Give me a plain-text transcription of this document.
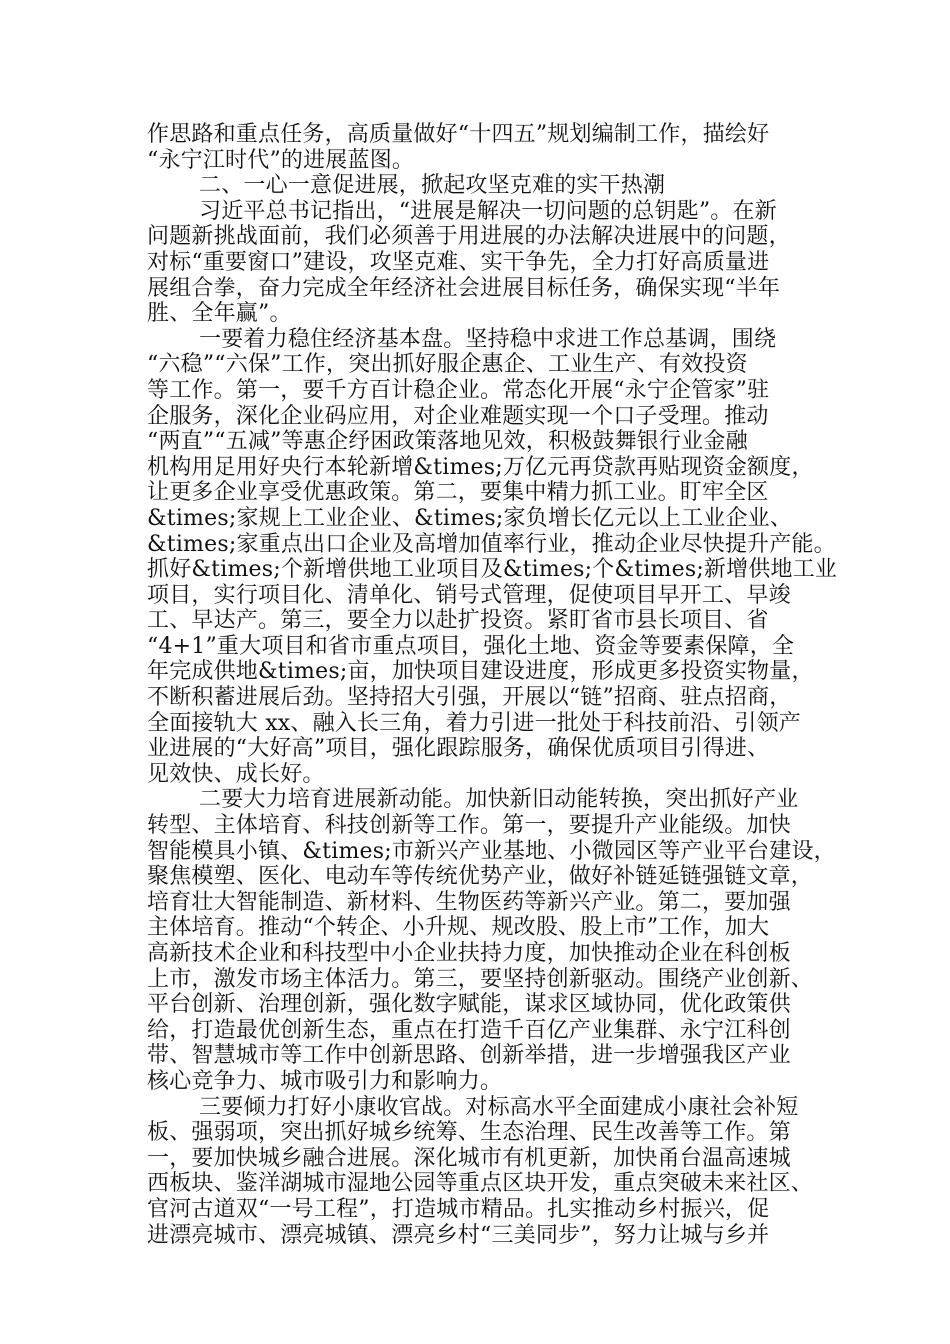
作思路和重点任务，高质量做好“十四五”规划编制工作，描绘好
“永宁江时代”的进展蓝图。
二、一心一意促进展，掀起攻坚克难的实干热潮
习近平总书记指出，“进展是解决一切问题的总钥匙”。在新
问题新挑战面前，我们必须善于用进展的办法解决进展中的问题，
对标“重要窗口”建设，攻坚克难、实干争先，全力打好高质量进
展组合拳，奋力完成全年经济社会进展目标任务，确保实现“半年
胜、全年赢”。
一要着力稳住经济基本盘。坚持稳中求进工作总基调，围绕
“六稳”“六保”工作，突出抓好服企惠企、工业生产、有效投资
等工作。第一，要千方百计稳企业。常态化开展“永宁企管家”驻
企服务，深化企业码应用，对企业难题实现一个口子受理。推动
“两直”“五减”等惠企纾困政策落地见效，积极鼓舞银行业金融
机构用足用好央行本轮新增&times;万亿元再贷款再贴现资金额度，
让更多企业享受优惠政策。第二，要集中精力抓工业。盯牢全区
&times;家规上工业企业、&times;家负增长亿元以上工业企业、
&times;家重点出口企业及高增加值率行业，推动企业尽快提升产能。
抓好&times;个新增供地工业项目及&times;个&times;新增供地工业
项目，实行项目化、清单化、销号式管理，促使项目早开工、早竣
工、早达产。第三，要全力以赴扩投资。紧盯省市县长项目、省
“4+1”重大项目和省市重点项目，强化土地、资金等要素保障，全
年完成供地&times;亩，加快项目建设进度，形成更多投资实物量，
不断积蓄进展后劲。坚持招大引强，开展以“链”招商、驻点招商，
全面接轨大 xx、融入长三角，着力引进一批处于科技前沿、引领产
业进展的“大好高”项目，强化跟踪服务，确保优质项目引得进、
见效快、成长好。
二要大力培育进展新动能。加快新旧动能转换，突出抓好产业
转型、主体培育、科技创新等工作。第一，要提升产业能级。加快
智能模具小镇、&times;市新兴产业基地、小微园区等产业平台建设，
聚焦模塑、医化、电动车等传统优势产业，做好补链延链强链文章，
培育壮大智能制造、新材料、生物医药等新兴产业。第二，要加强
主体培育。推动“个转企、小升规、规改股、股上市”工作，加大
高新技术企业和科技型中小企业扶持力度，加快推动企业在科创板
上市，激发市场主体活力。第三，要坚持创新驱动。围绕产业创新、
平台创新、治理创新，强化数字赋能，谋求区域协同，优化政策供
给，打造最优创新生态，重点在打造千百亿产业集群、永宁江科创
带、智慧城市等工作中创新思路、创新举措，进一步增强我区产业
核心竞争力、城市吸引力和影响力。
三要倾力打好小康收官战。对标高水平全面建成小康社会补短
板、强弱项，突出抓好城乡统筹、生态治理、民生改善等工作。第
一，要加快城乡融合进展。深化城市有机更新，加快甬台温高速城
西板块、鉴洋湖城市湿地公园等重点区块开发，重点突破未来社区、
官河古道双“一号工程”，打造城市精品。扎实推动乡村振兴，促
进漂亮城市、漂亮城镇、漂亮乡村“三美同步”，努力让城与乡并
